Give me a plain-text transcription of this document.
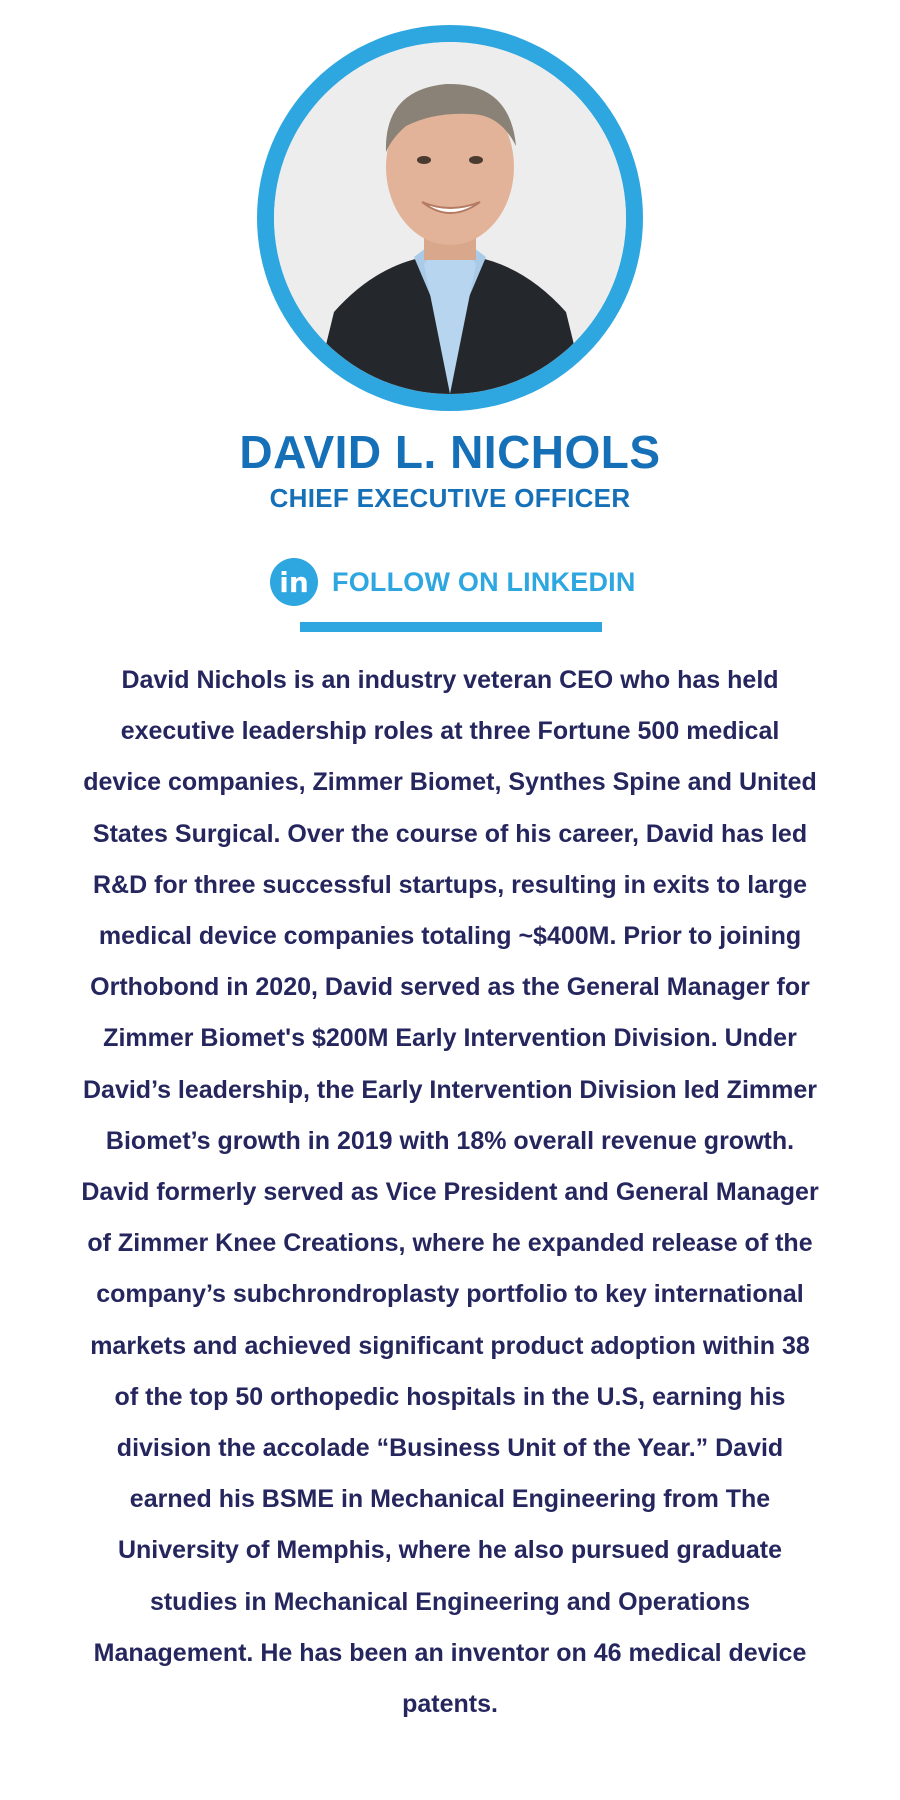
DAVID L. NICHOLS
CHIEF EXECUTIVE OFFICER
in FOLLOW ON LINKEDIN
David Nichols is an industry veteran CEO who has held executive leadership roles at three Fortune 500 medical device companies, Zimmer Biomet, Synthes Spine and United States Surgical. Over the course of his career, David has led R&D for three successful startups, resulting in exits to large medical device companies totaling ~$400M. Prior to joining Orthobond in 2020, David served as the General Manager for Zimmer Biomet's $200M Early Intervention Division. Under David’s leadership, the Early Intervention Division led Zimmer Biomet’s growth in 2019 with 18% overall revenue growth. David formerly served as Vice President and General Manager of Zimmer Knee Creations, where he expanded release of the company’s subchrondroplasty portfolio to key international markets and achieved significant product adoption within 38 of the top 50 orthopedic hospitals in the U.S, earning his division the accolade “Business Unit of the Year.” David earned his BSME in Mechanical Engineering from The University of Memphis, where he also pursued graduate studies in Mechanical Engineering and Operations Management. He has been an inventor on 46 medical device patents.
